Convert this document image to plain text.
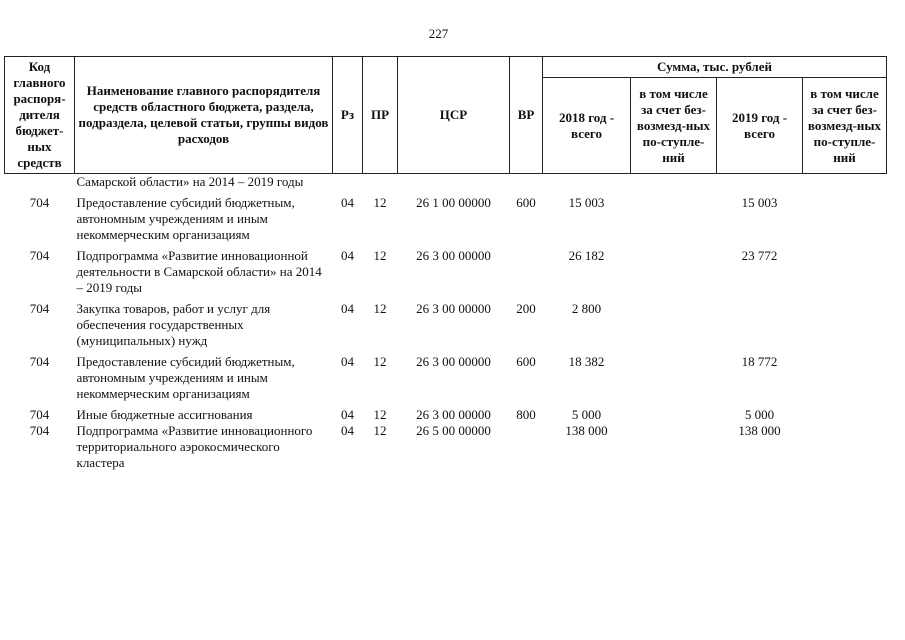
227
Код главного распоря-дителя бюджет-ных средств	Наименование главного распорядителя средств областного бюджета, раздела, подраздела, целевой статьи, группы видов расходов	Рз	ПР	ЦСР	ВР	Сумма, тыс. рублей			
						2018 год - всего	в том числе за счет без-возмезд-ных по-ступле-ний	2019 год - всего	в том числе за счет без-возмезд-ных по-ступле-ний
	Самарской области» на 2014 – 2019 годы								
704	Предоставление субсидий бюджетным, автономным учреждениям и иным некоммерческим организациям	04	12	26 1 00 00000	600	15 003		15 003	
704	Подпрограмма «Развитие инновационной деятельности в Самарской области» на 2014 – 2019 годы	04	12	26 3 00 00000		26 182		23 772	
704	Закупка товаров, работ и услуг для обеспечения государственных (муниципальных) нужд	04	12	26 3 00 00000	200	2 800			
704	Предоставление субсидий бюджетным, автономным учреждениям и иным некоммерческим организациям	04	12	26 3 00 00000	600	18 382		18 772	
704	Иные бюджетные ассигнования	04	12	26 3 00 00000	800	5 000		5 000	
704	Подпрограмма «Развитие инновационного территориального аэрокосмического кластера	04	12	26 5 00 00000		138 000		138 000	
